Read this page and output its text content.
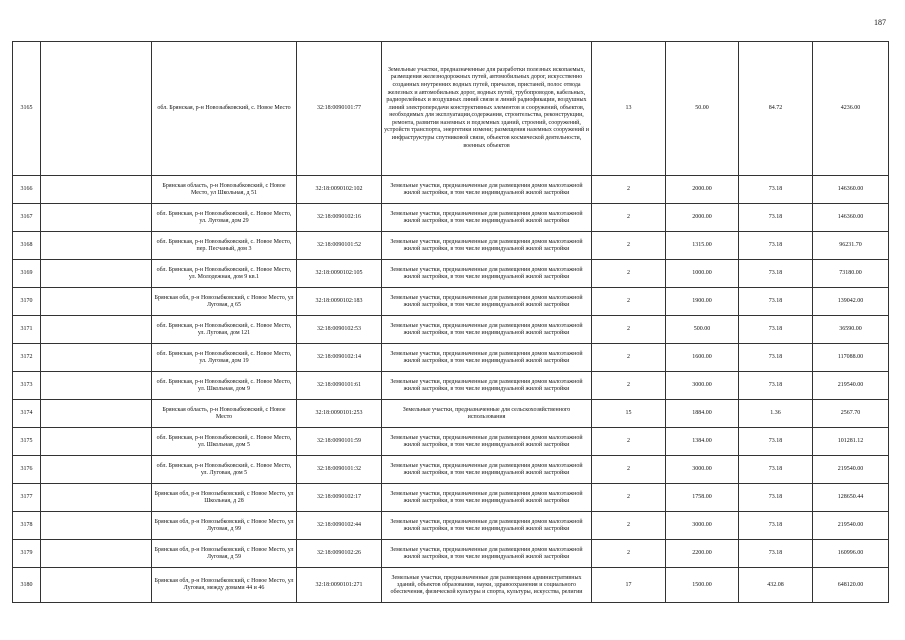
187
3165		обл. Брянская, р-н Новозыбковский, с. Новое Место	32:18:0090101:77	Земельные участки, предназначенные для разработки полезных ископаемых, размещения железнодорожных путей, автомобильных дорог, искусственно созданных внутренних водных путей, причалов, пристаней, полос отвода железных и автомобильных дорог, водных путей, трубопроводов, кабельных, радиорелейных и воздушных линий связи и линий радиофикации, воздушных линий электропередачи конструктивных элементов и сооружений, объектов, необходимых для эксплуатации,содержания, строительства, реконструкции, ремонта, развития наземных и подземных зданий, строений, сооружений, устройств транспорта, энергетики измени; размещения наземных сооружений и инфраструктуры спутниковой связи, объектов космической деятельности, военных объектов	13	50.00	84.72	4236.00
3166		Брянская область, р-н Новозыбковский, с Новое Место, ул Школьная, д 51	32:18:0090102:102	Земельные участки, предназначенные для размещения домов малоэтажной жилой застройки, в том числе индивидуальной жилой застройки	2	2000.00	73.18	146360.00
3167		обл. Брянская, р-н Новозыбковский, с. Новое Место, ул. Луговая, дом 29	32:18:0090102:16	Земельные участки, предназначенные для размещения домов малоэтажной жилой застройки, в том числе индивидуальной жилой застройки	2	2000.00	73.18	146360.00
3168		обл. Брянская, р-н Новозыбковский, с. Новое Место, пер. Песчаный, дом 3	32:18:0090101:52	Земельные участки, предназначенные для размещения домов малоэтажной жилой застройки, в том числе индивидуальной жилой застройки	2	1315.00	73.18	96231.70
3169		обл. Брянская, р-н Новозыбковский, с. Новое Место, ул. Молодежная, дом 9 кв.1	32:18:0090102:105	Земельные участки, предназначенные для размещения домов малоэтажной жилой застройки, в том числе индивидуальной жилой застройки	2	1000.00	73.18	73180.00
3170		Брянская обл, р-н Новозыбковский, с Новое Место, ул Луговая, д 65	32:18:0090102:183	Земельные участки, предназначенные для размещения домов малоэтажной жилой застройки, в том числе индивидуальной жилой застройки	2	1900.00	73.18	139042.00
3171		обл. Брянская, р-н Новозыбковский, с. Новое Место, ул. Луговая, дом 121	32:18:0090102:53	Земельные участки, предназначенные для размещения домов малоэтажной жилой застройки, в том числе индивидуальной жилой застройки	2	500.00	73.18	36590.00
3172		обл. Брянская, р-н Новозыбковский, с. Новое Место, ул. Луговая, дом 19	32:18:0090102:14	Земельные участки, предназначенные для размещения домов малоэтажной жилой застройки, в том числе индивидуальной жилой застройки	2	1600.00	73.18	117088.00
3173		обл. Брянская, р-н Новозыбковский, с. Новое Место, ул. Школьная, дом 9	32:18:0090101:61	Земельные участки, предназначенные для размещения домов малоэтажной жилой застройки, в том числе индивидуальной жилой застройки	2	3000.00	73.18	219540.00
3174		Брянская область, р-н Новозыбковский, с Новое Место	32:18:0090101:253	Земельные участки, предназначенные для сельскохозяйственного использования	15	1884.00	1.36	2567.70
3175		обл. Брянская, р-н Новозыбковский, с. Новое Место, ул. Школьная, дом 5	32:18:0090101:59	Земельные участки, предназначенные для размещения домов малоэтажной жилой застройки, в том числе индивидуальной жилой застройки	2	1384.00	73.18	101281.12
3176		обл. Брянская, р-н Новозыбковский, с. Новое Место, ул. Луговая, дом 5	32:18:0090101:32	Земельные участки, предназначенные для размещения домов малоэтажной жилой застройки, в том числе индивидуальной жилой застройки	2	3000.00	73.18	219540.00
3177		Брянская обл, р-н Новозыбковский, с Новое Место, ул Школьная, д 28	32:18:0090102:17	Земельные участки, предназначенные для размещения домов малоэтажной жилой застройки, в том числе индивидуальной жилой застройки	2	1758.00	73.18	128650.44
3178		Брянская обл, р-н Новозыбковский, с Новое Место, ул Луговая, д 99	32:18:0090102:44	Земельные участки, предназначенные для размещения домов малоэтажной жилой застройки, в том числе индивидуальной жилой застройки	2	3000.00	73.18	219540.00
3179		Брянская обл, р-н Новозыбковский, с Новое Место, ул Луговая, д 59	32:18:0090102:26	Земельные участки, предназначенные для размещения домов малоэтажной жилой застройки, в том числе индивидуальной жилой застройки	2	2200.00	73.18	160996.00
3180		Брянская обл, р-н Новозыбковский, с Новое Место, ул Луговая, между домами 44 и 46	32:18:0090101:271	Земельные участки, предназначенные для размещения административных зданий, объектов образования, науки, здравоохранения и социального обеспечения, физической культуры и спорта, культуры, искусства, религии	17	1500.00	432.08	648120.00
